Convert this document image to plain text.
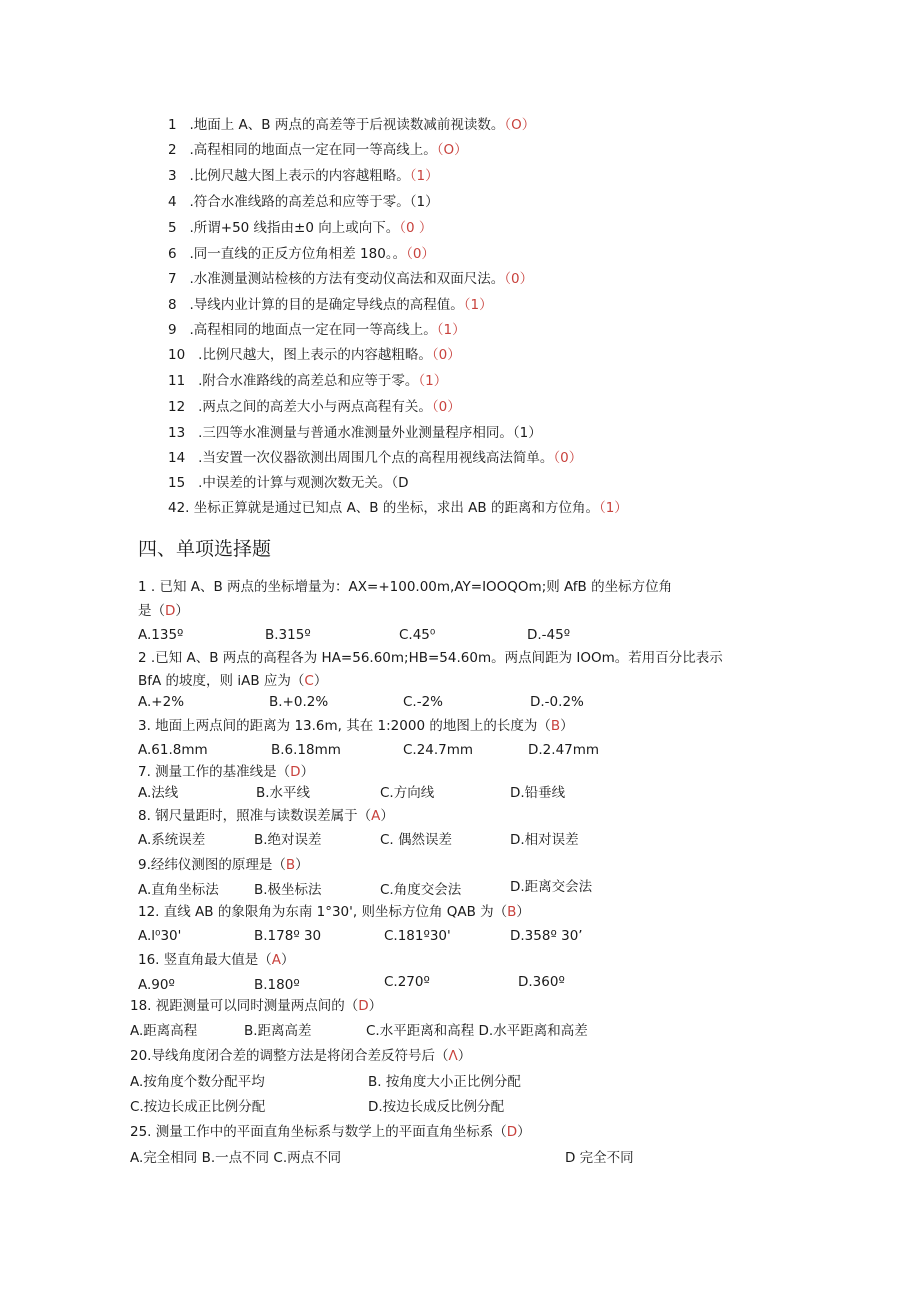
1 .地面上 A、B 两点的高差等于后视读数减前视读数。（O）
2 .高程相同的地面点一定在同一等高线上。（O）
3 .比例尺越大图上表示的内容越粗略。（1）
4 .符合水准线路的高差总和应等于零。（1）
5 .所谓+50 线指由±0 向上或向下。（0 ）
6 .同一直线的正反方位角相差 180。。（0）
7 .水准测量测站检核的方法有变动仪高法和双面尺法。（0）
8 .导线内业计算的目的是确定导线点的高程值。（1）
9 .高程相同的地面点一定在同一等高线上。（1）
10 .比例尺越大，图上表示的内容越粗略。（0）
11 .附合水准路线的高差总和应等于零。（1）
12 .两点之间的高差大小与两点高程有关。（0）
13 .三四等水准测量与普通水准测量外业测量程序相同。（1）
14 .当安置一次仪器欲测出周围几个点的高程用视线高法简单。（0）
15 .中误差的计算与观测次数无关。（D
42. 坐标正算就是通过已知点 A、B 的坐标，求出 AB 的距离和方位角。（1）
四、单项选择题
1 . 已知 A、B 两点的坐标增量为：AX=+100.00m,AY=IOOQOm;则 AfB 的坐标方位角
是（D）
A.135º	B.315º	C.45⁰	D.-45º
2 .已知 A、B 两点的高程各为 HA=56.60m;HB=54.60m。两点间距为 IOOm。若用百分比表示
BfA 的坡度，则 iAB 应为（C）
A.+2%	B.+0.2%	C.-2%	D.-0.2%
3. 地面上两点间的距离为 13.6m, 其在 1:2000 的地图上的长度为（B）
A.61.8mm	B.6.18mm	C.24.7mm	D.2.47mm
7. 测量工作的基准线是（D）
A.法线	B.水平线	C.方向线	D.铅垂线
8. 钢尺量距时，照准与读数误差属于（A）
A.系统误差	B.绝对误差	C. 偶然误差	D.相对误差
9.经纬仪测图的原理是（B）
A.直角坐标法	B.极坐标法	C.角度交会法	D.距离交会法
12. 直线 AB 的象限角为东南 1°30', 则坐标方位角 QAB 为（B）
A.l⁰30'	B.178º 30	C.181º30'	D.358º 30’
16. 竖直角最大值是（A）
A.90º	B.180º	C.270º	D.360º
18. 视距测量可以同时测量两点间的（D）
A.距离高程	B.距离高差	C.水平距离和高程 D.水平距离和高差
20.导线角度闭合差的调整方法是将闭合差反符号后（Λ）
A.按角度个数分配平均	B. 按角度大小正比例分配
C.按边长成正比例分配	D.按边长成反比例分配
25. 测量工作中的平面直角坐标系与数学上的平面直角坐标系（D）
A.完全相同 B.一点不同 C.两点不同	D 完全不同
